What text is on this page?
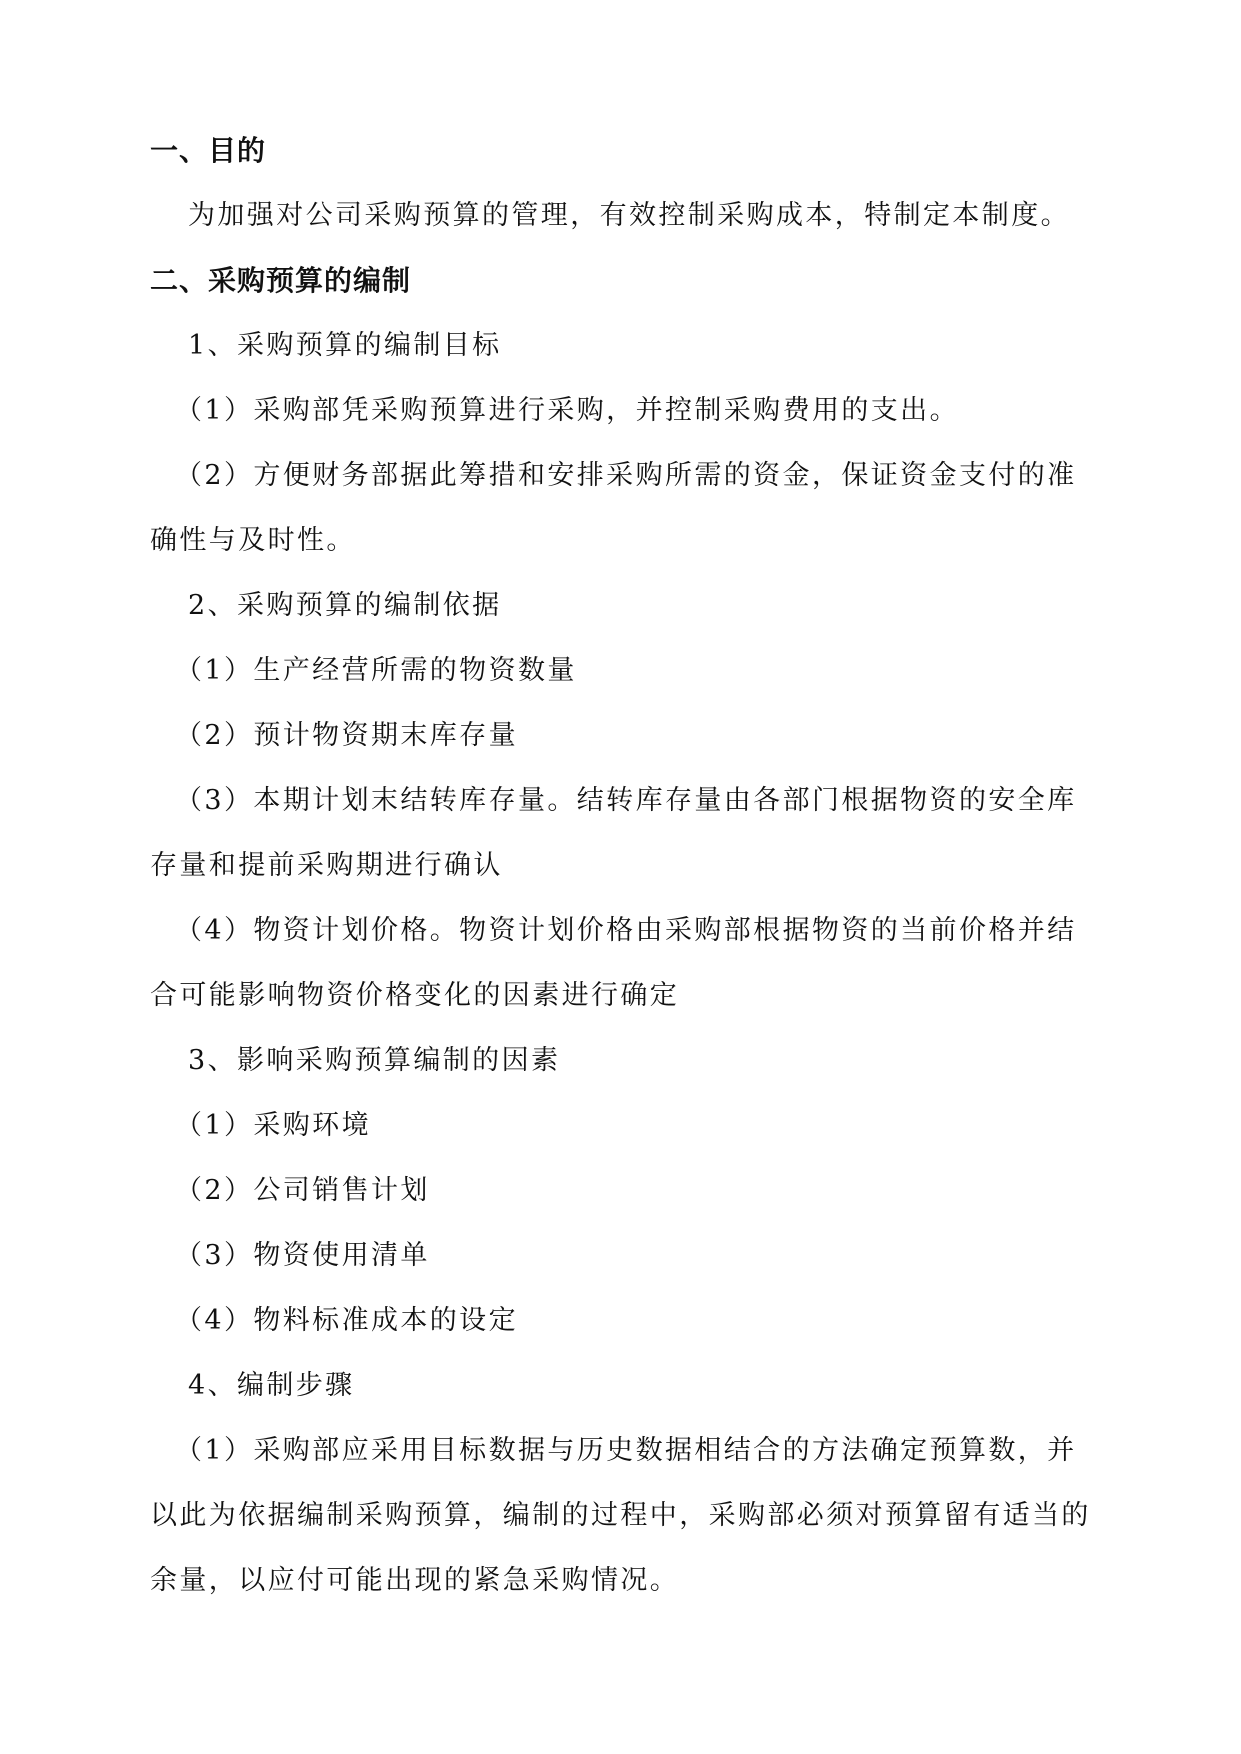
一、目的

为加强对公司采购预算的管理，有效控制采购成本，特制定本制度。

二、采购预算的编制

1、采购预算的编制目标

（1）采购部凭采购预算进行采购，并控制采购费用的支出。

（2）方便财务部据此筹措和安排采购所需的资金，保证资金支付的准确性与及时性。

2、采购预算的编制依据

（1）生产经营所需的物资数量

（2）预计物资期末库存量

（3）本期计划末结转库存量。结转库存量由各部门根据物资的安全库存量和提前采购期进行确认

（4）物资计划价格。物资计划价格由采购部根据物资的当前价格并结合可能影响物资价格变化的因素进行确定

3、影响采购预算编制的因素

（1）采购环境

（2）公司销售计划

（3）物资使用清单

（4）物料标准成本的设定

4、编制步骤

（1）采购部应采用目标数据与历史数据相结合的方法确定预算数，并以此为依据编制采购预算，编制的过程中，采购部必须对预算留有适当的余量，以应付可能出现的紧急采购情况。
